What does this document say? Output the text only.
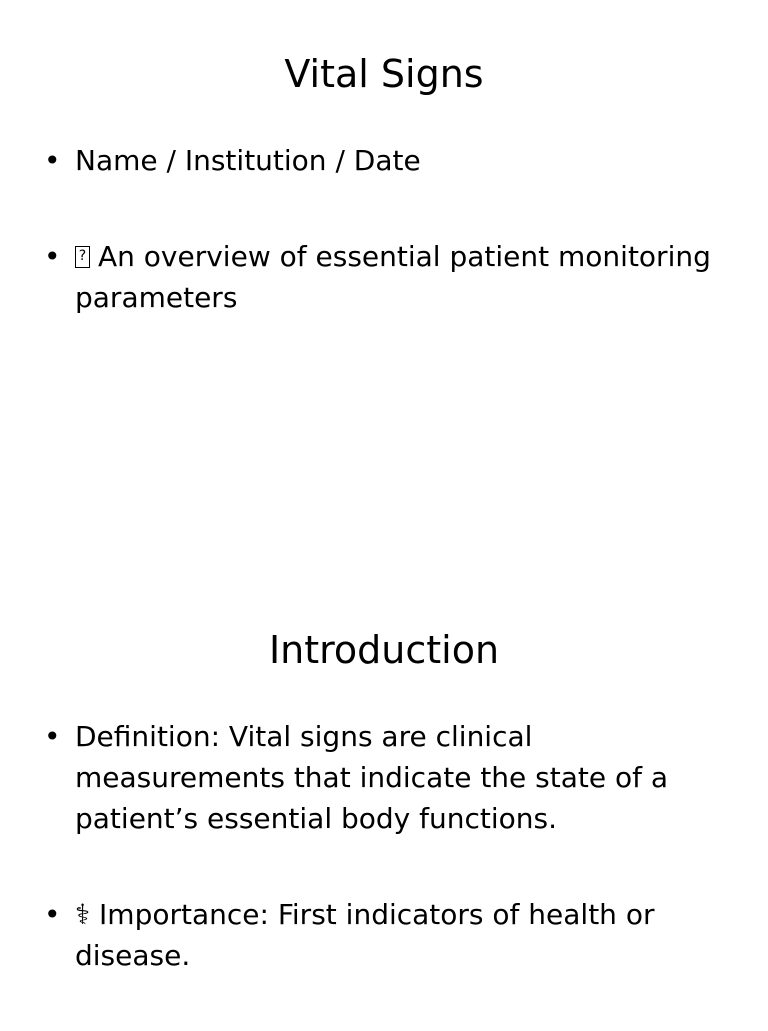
Vital Signs
• Name / Institution / Date
•
? An overview of essential patient monitoring parameters
Introduction
• Definition: Vital signs are clinical measurements that indicate the state of a patient’s essential body functions.
• ⚕ Importance: First indicators of health or disease.
